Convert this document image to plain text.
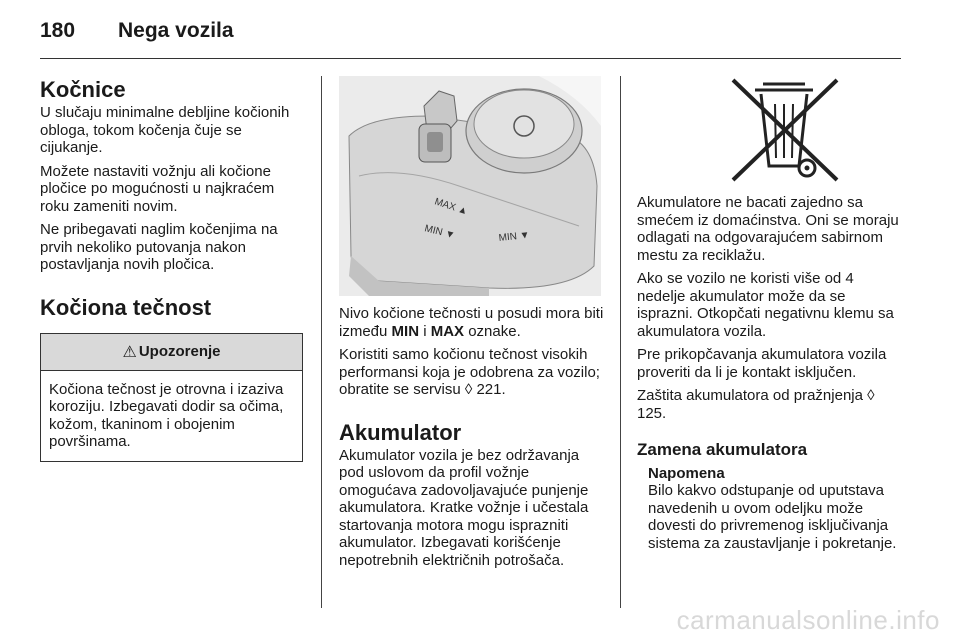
180	Nega vozila
Kočnice

U slučaju minimalne debljine kočionih obloga, tokom kočenja čuje se cijukanje.

Možete nastaviti vožnju ali kočione pločice po mogućnosti u najkraćem roku zameniti novim.

Ne pribegavati naglim kočenjima na prvih nekoliko putovanja nakon postavljanja novih pločica.

Kočiona tečnost
⚠ Upozorenje

Kočiona tečnost je otrovna i izaziva koroziju. Izbegavati dodir sa očima, kožom, tkaninom i obojenim površinama.

MAX ▲
MIN ▼	MIN ▼

Nivo kočione tečnosti u posudi mora biti između MIN i MAX oznake.

Koristiti samo kočionu tečnost visokih performansi koja je odobrena za vozilo; obratite se servisu ◊ 221.

Akumulator

Akumulator vozila je bez održavanja pod uslovom da profil vožnje omogućava zadovoljavajuće punjenje akumulatora. Kratke vožnje i učestala startovanja motora mogu isprazniti akumulator. Izbegavati korišćenje nepotrebnih električnih potrošača.

Akumulatore ne bacati zajedno sa smećem iz domaćinstva. Oni se moraju odlagati na odgovarajućem sabirnom mestu za reciklažu.

Ako se vozilo ne koristi više od 4 nedelje akumulator može da se isprazni. Otkopčati negativnu klemu sa akumulatora vozila.

Pre prikopčavanja akumulatora vozila proveriti da li je kontakt isključen.

Zaštita akumulatora od pražnjenja ◊ 125.

Zamena akumulatora
Napomena

Bilo kakvo odstupanje od uputstava navedenih u ovom odeljku može dovesti do privremenog isključivanja sistema za zaustavljanje i pokretanje.

carmanualsonline.info
